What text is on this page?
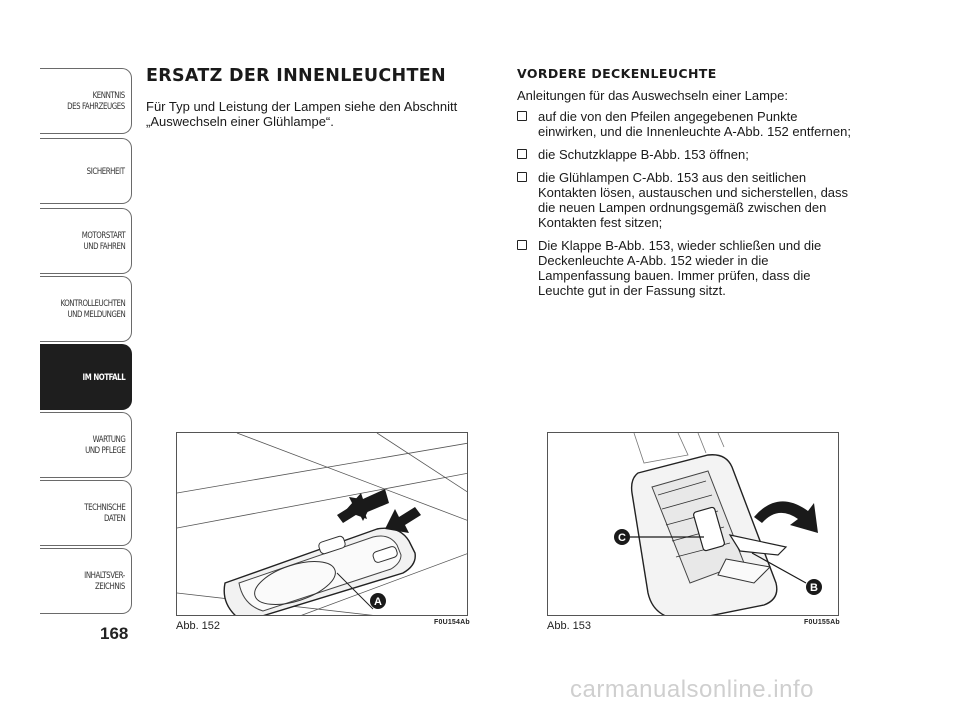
KENNTNIS
DES FAHRZEUGES
SICHERHEIT
MOTORSTART
UND FAHREN
KONTROLLEUCHTEN
UND MELDUNGEN
IM NOTFALL
WARTUNG
UND PFLEGE
TECHNISCHE
DATEN
INHALTSVER-
ZEICHNIS
168
ERSATZ DER INNENLEUCHTEN

Für Typ und Leistung der Lampen siehe den Abschnitt „Auswechseln einer Glühlampe“.

VORDERE DECKENLEUCHTE

Anleitungen für das Auswechseln einer Lampe:

auf die von den Pfeilen angegebenen Punkte einwirken, und die Innenleuchte A-Abb. 152 entfernen;
die Schutzklappe B-Abb. 153 öffnen;
die Glühlampen C-Abb. 153 aus den seitlichen Kontakten lösen, austauschen und sicherstellen, dass die neuen Lampen ordnungsgemäß zwischen den Kontakten fest sitzen;
Die Klappe B-Abb. 153, wieder schließen und die Deckenleuchte A-Abb. 152 wieder in die Lampenfassung bauen. Immer prüfen, dass die Leuchte gut in der Fassung sitzt.
A
Abb. 152	F0U154Ab
C
B
Abb. 153	F0U155Ab
carmanualsonline.info
